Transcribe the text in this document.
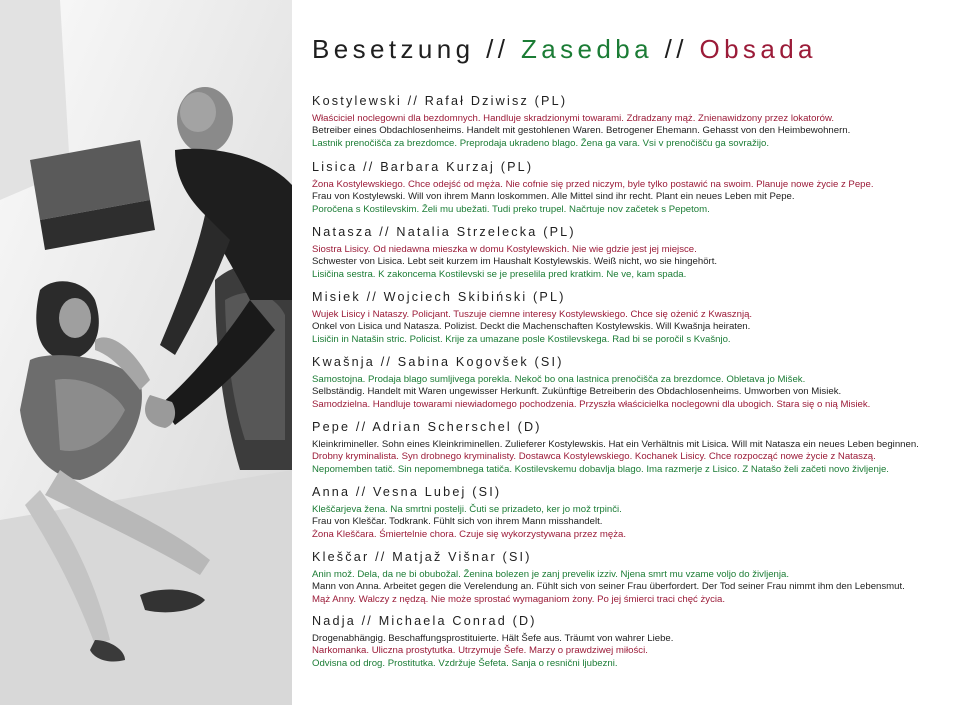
Besetzung // Zasedba // Obsada
Kostylewski // Rafał Dziwisz (PL)
Właściciel noclegowni dla bezdomnych. Handluje skradzionymi towarami. Zdradzany mąż. Znienawidzony przez lokatorów.
Betreiber eines Obdachlosenheims. Handelt mit gestohlenen Waren. Betrogener Ehemann. Gehasst von den Heimbewohnern.
Lastnik prenočišča za brezdomce. Preprodaja ukradeno blago. Žena ga vara. Vsi v prenočišču ga sovražijo.
Lisica // Barbara Kurzaj (PL)
Żona Kostylewskiego. Chce odejść od męża. Nie cofnie się przed niczym, byle tylko postawić na swoim. Planuje nowe życie z Pepe.
Frau von Kostylewski. Will von ihrem Mann loskommen. Alle Mittel sind ihr recht. Plant ein neues Leben mit Pepe.
Poročena s Kostilevskim. Želi mu ubežati. Tudi preko trupel. Načrtuje nov začetek s Pepetom.
Natasza // Natalia Strzelecka (PL)
Siostra Lisicy. Od niedawna mieszka w domu Kostylewskich. Nie wie gdzie jest jej miejsce.
Schwester von Lisica. Lebt seit kurzem im Haushalt Kostylewskis. Weiß nicht, wo sie hingehört.
Lisičina sestra. K zakoncema Kostilevski se je preselila pred kratkim. Ne ve, kam spada.
Misiek // Wojciech Skibiński (PL)
Wujek Lisicy i Nataszy. Policjant. Tuszuje ciemne interesy Kostylewskiego. Chce się ożenić z Kwasznją.
Onkel von Lisica und Natasza. Polizist. Deckt die Machenschaften Kostylewskis. Will Kwašnja heiraten.
Lisičin in Natašin stric. Policist. Krije za umazane posle Kostilevskega. Rad bi se poročil s Kvašnjo.
Kwašnja // Sabina Kogovšek (SI)
Samostojna. Prodaja blago sumljivega porekla. Nekoč bo ona lastnica prenočišča za brezdomce. Obletava jo Mišek.
Selbständig. Handelt mit Waren ungewisser Herkunft. Zukünftige Betreiberin des Obdachlosenheims. Umworben von Misiek.
Samodzielna. Handluje towarami niewiadomego pochodzenia. Przyszła właścicielka noclegowni dla ubogich. Stara się o nią Misiek.
Pepe // Adrian Scherschel (D)
Kleinkrimineller. Sohn eines Kleinkriminellen. Zulieferer Kostylewskis. Hat ein Verhältnis mit Lisica. Will mit Natasza ein neues Leben beginnen.
Drobny kryminalista. Syn drobnego kryminalisty. Dostawca Kostylewskiego. Kochanek Lisicy. Chce rozpocząć nowe życie z Nataszą.
Nepomemben tatič. Sin nepomembnega tatiča. Kostilevskemu dobavlja blago. Ima razmerje z Lisico. Z Natašo želi začeti novo življenje.
Anna // Vesna Lubej (SI)
Kleščarjeva žena. Na smrtni postelji. Čuti se prizadeto, ker jo mož trpinči.
Frau von Kleščar. Todkrank. Fühlt sich von ihrem Mann misshandelt.
Żona Kleščara. Śmiertelnie chora. Czuje się wykorzystywana przez męża.
Kleščar // Matjaž Višnar (SI)
Anin mož. Dela, da ne bi obubožal. Ženina bolezen je zanj preveliк izziv. Njena smrt mu vzame voljo do življenja.
Mann von Anna. Arbeitet gegen die Verelendung an. Fühlt sich von seiner Frau überfordert. Der Tod seiner Frau nimmt ihm den Lebensmut.
Mąż Anny. Walczy z nędzą. Nie może sprostać wymaganiom żony. Po jej śmierci traci chęć życia.
Nadja // Michaela Conrad (D)
Drogenabhängig. Beschaffungsprostituierte. Hält Šefe aus. Träumt von wahrer Liebe.
Narkomanka. Uliczna prostytutka. Utrzymuje Šefe. Marzy o prawdziwej miłości.
Odvisna od drog. Prostitutka. Vzdržuje Šefeta. Sanja o resnični ljubezni.
